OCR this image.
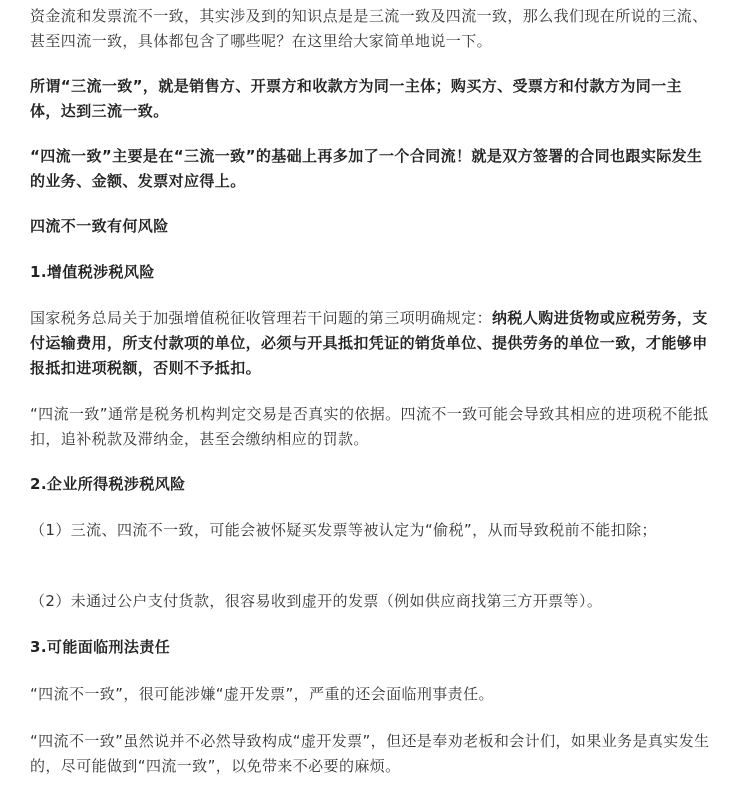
资金流和发票流不一致，其实涉及到的知识点是是三流一致及四流一致，那么我们现在所说的三流、甚至四流一致，具体都包含了哪些呢？在这里给大家简单地说一下。

所谓“三流一致”，就是销售方、开票方和收款方为同一主体；购买方、受票方和付款方为同一主体，达到三流一致。

“四流一致”主要是在“三流一致”的基础上再多加了一个合同流！就是双方签署的合同也跟实际发生的业务、金额、发票对应得上。

四流不一致有何风险

1.增值税涉税风险

国家税务总局关于加强增值税征收管理若干问题的第三项明确规定：纳税人购进货物或应税劳务，支付运输费用，所支付款项的单位，必须与开具抵扣凭证的销货单位、提供劳务的单位一致，才能够申报抵扣进项税额，否则不予抵扣。

“四流一致”通常是税务机构判定交易是否真实的依据。四流不一致可能会导致其相应的进项税不能抵扣，追补税款及滞纳金，甚至会缴纳相应的罚款。

2.企业所得税涉税风险

（1）三流、四流不一致，可能会被怀疑买发票等被认定为“偷税”，从而导致税前不能扣除；

（2）未通过公户支付货款，很容易收到虚开的发票（例如供应商找第三方开票等）。

3.可能面临刑法责任

“四流不一致”，很可能涉嫌“虚开发票”，严重的还会面临刑事责任。

“四流不一致”虽然说并不必然导致构成“虚开发票”，但还是奉劝老板和会计们，如果业务是真实发生的，尽可能做到“四流一致”，以免带来不必要的麻烦。
